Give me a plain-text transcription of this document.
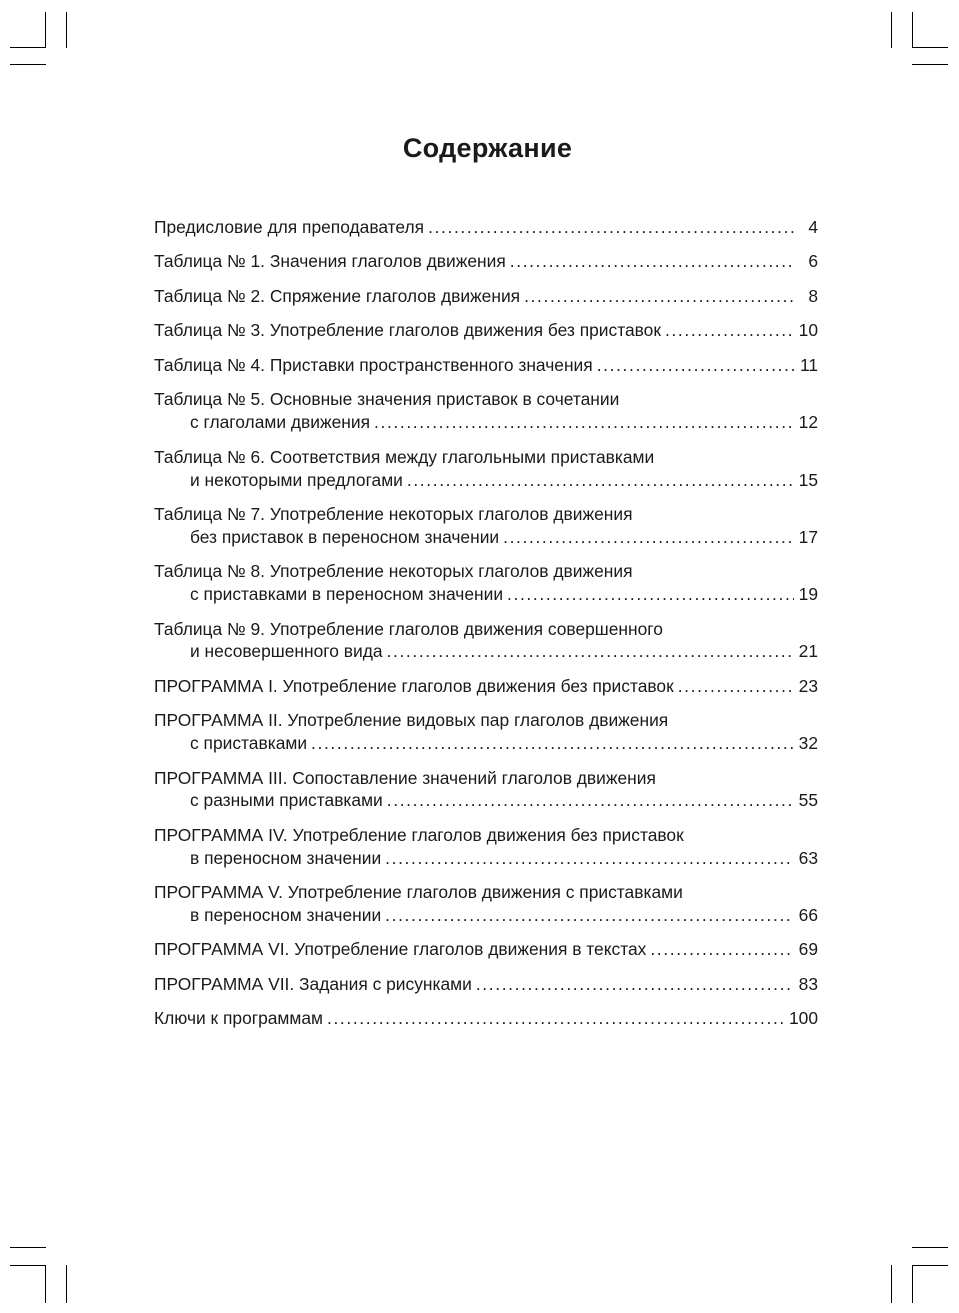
Содержание
Предисловие для преподавателя . . .	4
Таблица № 1. Значения глаголов движения . . .	6
Таблица № 2. Спряжение глаголов движения . . .	8
Таблица № 3. Употребление глаголов движения без приставок . . .	10
Таблица № 4. Приставки пространственного значения . . .	11
Таблица № 5. Основные значения приставок в сочетании
с глаголами движения . . .	12
Таблица № 6. Соответствия между глагольными приставками
и некоторыми предлогами . . .	15
Таблица № 7. Употребление некоторых глаголов движения
без приставок в переносном значении . . .	17
Таблица № 8. Употребление некоторых глаголов движения
с приставками в переносном значении . . .	19
Таблица № 9. Употребление глаголов движения совершенного
и несовершенного вида . . .	21
ПРОГРАММА I. Употребление глаголов движения без приставок . . .	23
ПРОГРАММА II. Употребление видовых пар глаголов движения
с приставками . . .	32
ПРОГРАММА III. Сопоставление значений глаголов движения
с разными приставками . . .	55
ПРОГРАММА IV. Употребление глаголов движения без приставок
в переносном значении . . .	63
ПРОГРАММА V. Употребление глаголов движения с приставками
в переносном значении . . .	66
ПРОГРАММА VI. Употребление глаголов движения в текстах . . .	69
ПРОГРАММА VII. Задания с рисунками . . .	83
Ключи к программам . . .	100
